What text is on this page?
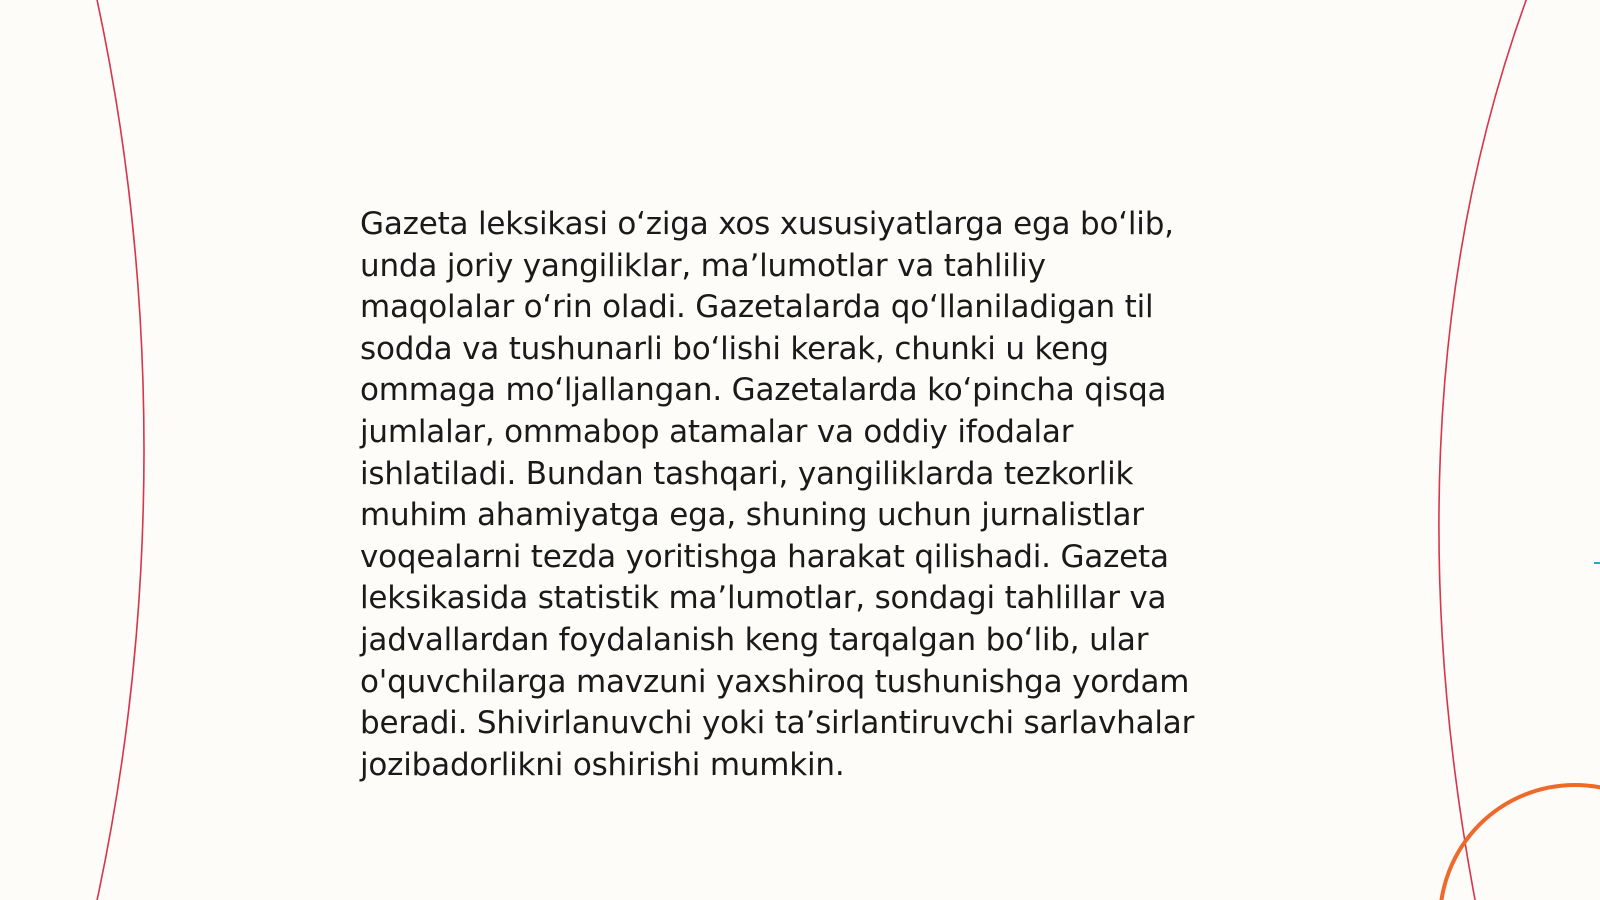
Gazeta leksikasi oʻziga xos xususiyatlarga ega boʻlib,
unda joriy yangiliklar, maʼlumotlar va tahliliy
maqolalar oʻrin oladi. Gazetalarda qoʻllaniladigan til
sodda va tushunarli boʻlishi kerak, chunki u keng
ommaga moʻljallangan. Gazetalarda koʻpincha qisqa
jumlalar, ommabop atamalar va oddiy ifodalar
ishlatiladi. Bundan tashqari, yangiliklarda tezkorlik
muhim ahamiyatga ega, shuning uchun jurnalistlar
voqealarni tezda yoritishga harakat qilishadi. Gazeta
leksikasida statistik maʼlumotlar, sondagi tahlillar va
jadvallardan foydalanish keng tarqalgan boʻlib, ular
o'quvchilarga mavzuni yaxshiroq tushunishga yordam
beradi. Shivirlanuvchi yoki taʼsirlantiruvchi sarlavhalar
jozibadorlikni oshirishi mumkin.
